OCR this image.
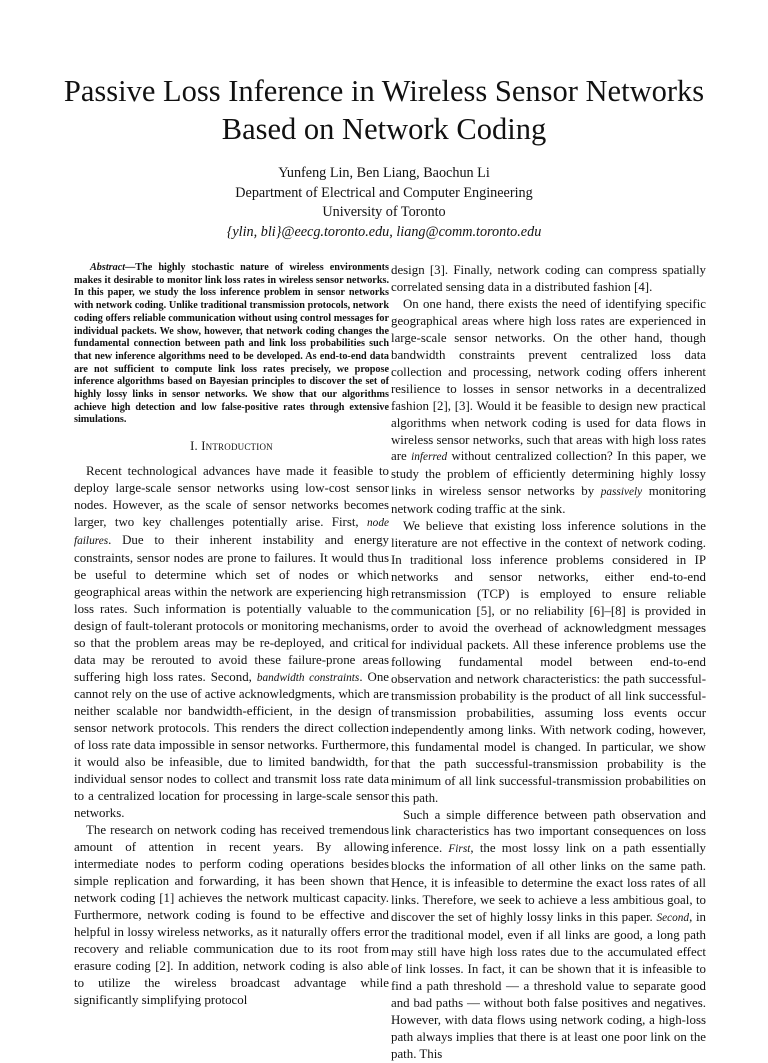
Passive Loss Inference in Wireless Sensor Networks
Based on Network Coding
Yunfeng Lin, Ben Liang, Baochun Li
Department of Electrical and Computer Engineering
University of Toronto
{ylin, bli}@eecg.toronto.edu, liang@comm.toronto.edu

Abstract—The highly stochastic nature of wireless environments makes it desirable to monitor link loss rates in wireless sensor networks. In this paper, we study the loss inference problem in sensor networks with network coding. Unlike traditional transmission protocols, network coding offers reliable communication without using control messages for individual packets. We show, however, that network coding changes the fundamental connection between path and link loss probabilities such that new inference algorithms need to be developed. As end-to-end data are not sufficient to compute link loss rates precisely, we propose inference algorithms based on Bayesian principles to discover the set of highly lossy links in sensor networks. We show that our algorithms achieve high detection and low false-positive rates through extensive simulations.

I. Introduction

Recent technological advances have made it feasible to deploy large-scale sensor networks using low-cost sensor nodes. However, as the scale of sensor networks becomes larger, two key challenges potentially arise. First, node failures. Due to their inherent instability and energy constraints, sensor nodes are prone to failures. It would thus be useful to determine which set of nodes or which geographical areas within the network are experiencing high loss rates. Such information is potentially valuable to the design of fault-tolerant protocols or monitoring mechanisms, so that the problem areas may be re-deployed, and critical data may be rerouted to avoid these failure-prone areas suffering high loss rates. Second, bandwidth constraints. One cannot rely on the use of active acknowledgments, which are neither scalable nor bandwidth-efficient, in the design of sensor network protocols. This renders the direct collection of loss rate data impossible in sensor networks. Furthermore, it would also be infeasible, due to limited bandwidth, for individual sensor nodes to collect and transmit loss rate data to a centralized location for processing in large-scale sensor networks.

The research on network coding has received tremendous amount of attention in recent years. By allowing intermediate nodes to perform coding operations besides simple replication and forwarding, it has been shown that network coding [1] achieves the network multicast capacity. Furthermore, network coding is found to be effective and helpful in lossy wireless networks, as it naturally offers error recovery and reliable communication due to its root from erasure coding [2]. In addition, network coding is also able to utilize the wireless broadcast advantage while significantly simplifying protocol

design [3]. Finally, network coding can compress spatially correlated sensing data in a distributed fashion [4].

On one hand, there exists the need of identifying specific geographical areas where high loss rates are experienced in large-scale sensor networks. On the other hand, though bandwidth constraints prevent centralized loss data collection and processing, network coding offers inherent resilience to losses in sensor networks in a decentralized fashion [2], [3]. Would it be feasible to design new practical algorithms when network coding is used for data flows in wireless sensor networks, such that areas with high loss rates are inferred without centralized collection? In this paper, we study the problem of efficiently determining highly lossy links in wireless sensor networks by passively monitoring network coding traffic at the sink.

We believe that existing loss inference solutions in the literature are not effective in the context of network coding. In traditional loss inference problems considered in IP networks and sensor networks, either end-to-end retransmission (TCP) is employed to ensure reliable communication [5], or no reliability [6]–[8] is provided in order to avoid the overhead of acknowledgment messages for individual packets. All these inference problems use the following fundamental model between end-to-end observation and network characteristics: the path successful-transmission probability is the product of all link successful-transmission probabilities, assuming loss events occur independently among links. With network coding, however, this fundamental model is changed. In particular, we show that the path successful-transmission probability is the minimum of all link successful-transmission probabilities on this path.

Such a simple difference between path observation and link characteristics has two important consequences on loss inference. First, the most lossy link on a path essentially blocks the information of all other links on the same path. Hence, it is infeasible to determine the exact loss rates of all links. Therefore, we seek to achieve a less ambitious goal, to discover the set of highly lossy links in this paper. Second, in the traditional model, even if all links are good, a long path may still have high loss rates due to the accumulated effect of link losses. In fact, it can be shown that it is infeasible to find a path threshold — a threshold value to separate good and bad paths — without both false positives and negatives. However, with data flows using network coding, a high-loss path always implies that there is at least one poor link on the path. This
